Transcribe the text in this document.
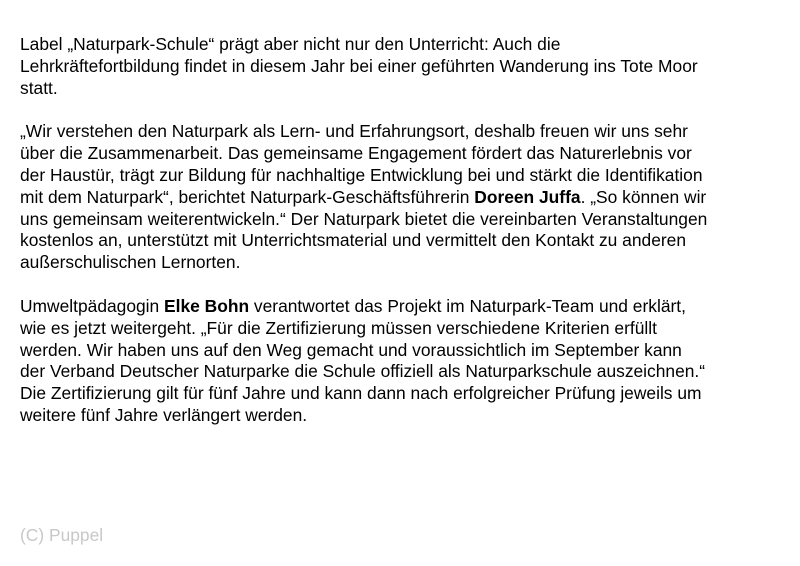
Label „Naturpark-Schule“ prägt aber nicht nur den Unterricht: Auch die
Lehrkräftefortbildung findet in diesem Jahr bei einer geführten Wanderung ins Tote Moor
statt.

„Wir verstehen den Naturpark als Lern- und Erfahrungsort, deshalb freuen wir uns sehr
über die Zusammenarbeit. Das gemeinsame Engagement fördert das Naturerlebnis vor
der Haustür, trägt zur Bildung für nachhaltige Entwicklung bei und stärkt die Identifikation
mit dem Naturpark“, berichtet Naturpark-Geschäftsführerin Doreen Juffa. „So können wir
uns gemeinsam weiterentwickeln.“ Der Naturpark bietet die vereinbarten Veranstaltungen
kostenlos an, unterstützt mit Unterrichtsmaterial und vermittelt den Kontakt zu anderen
außerschulischen Lernorten.

Umweltpädagogin Elke Bohn verantwortet das Projekt im Naturpark-Team und erklärt,
wie es jetzt weitergeht. „Für die Zertifizierung müssen verschiedene Kriterien erfüllt
werden. Wir haben uns auf den Weg gemacht und voraussichtlich im September kann
der Verband Deutscher Naturparke die Schule offiziell als Naturparkschule auszeichnen.“
Die Zertifizierung gilt für fünf Jahre und kann dann nach erfolgreicher Prüfung jeweils um
weitere fünf Jahre verlängert werden.

(C) Puppel
